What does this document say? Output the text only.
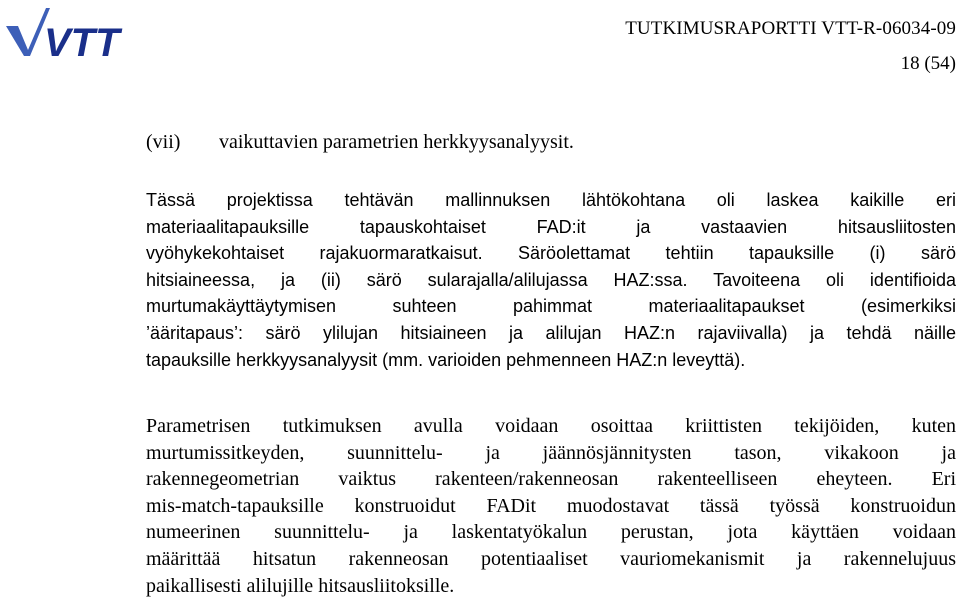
VTT	TUTKIMUSRAPORTTI VTT-R-06034-09
18 (54)
(vii) vaikuttavien parametrien herkkyysanalyysit.
Tässä projektissa tehtävän mallinnuksen lähtökohtana oli laskea kaikille eri
materiaalitapauksille tapauskohtaiset FAD:it ja vastaavien hitsausliitosten
vyöhykekohtaiset rajakuormaratkaisut. Säröolettamat tehtiin tapauksille (i) särö
hitsiaineessa, ja (ii) särö sularajalla/alilujassa HAZ:ssa. Tavoiteena oli identifioida
murtumakäyttäytymisen suhteen pahimmat materiaalitapaukset (esimerkiksi
’ääritapaus’: särö ylilujan hitsiaineen ja alilujan HAZ:n rajaviivalla) ja tehdä näille
tapauksille herkkyysanalyysit (mm. varioiden pehmenneen HAZ:n leveyttä).
Parametrisen tutkimuksen avulla voidaan osoittaa kriittisten tekijöiden, kuten
murtumissitkeyden, suunnittelu- ja jäännösjännitysten tason, vikakoon ja
rakennegeometrian vaiktus rakenteen/rakenneosan rakenteelliseen eheyteen. Eri
mis-match-tapauksille konstruoidut FADit muodostavat tässä työssä konstruoidun
numeerinen suunnittelu- ja laskentatyökalun perustan, jota käyttäen voidaan
määrittää hitsatun rakenneosan potentiaaliset vauriomekanismit ja rakennelujuus
paikallisesti alilujille hitsausliitoksille.
